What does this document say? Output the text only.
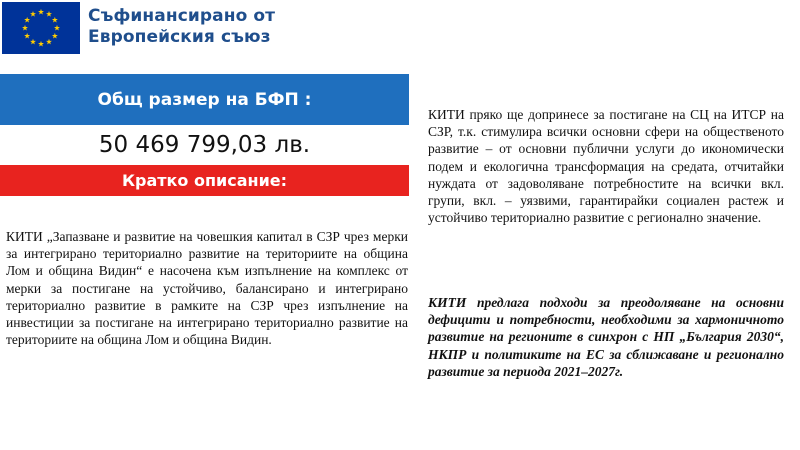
Съфинансирано от
Европейския съюз
Общ размер на БФП :
50 469 799,03 лв.
Кратко описание:

КИТИ „Запазване и развитие на човешкия капитал в СЗР чрез мерки за интегрирано териториално развитие на териториите на община Лом и община Видин“ е насочена към изпълнение на комплекс от мерки за постигане на устойчиво, балансирано и интегрирано териториално развитие в рамките на СЗР чрез изпълнение на инвестиции за постигане на интегрирано териториално развитие на териториите на община Лом и община Видин.

КИТИ пряко ще допринесе за постигане на СЦ на ИТСР на СЗР, т.к. стимулира всички основни сфери на общественото развитие – от основни публични услуги до икономически подем и екологична трансформация на средата, отчитайки нуждата от задоволяване потребностите на всички вкл. групи, вкл. – уязвими, гарантирайки социален растеж и устойчиво териториално развитие с регионално значение.

КИТИ предлага подходи за преодоляване на основни дефицити и потребности, необходими за хармоничното развитие на регионите в синхрон с НП „България 2030“, НКПР и политиките на ЕС за сближаване и регионално развитие за периода 2021–2027г.
